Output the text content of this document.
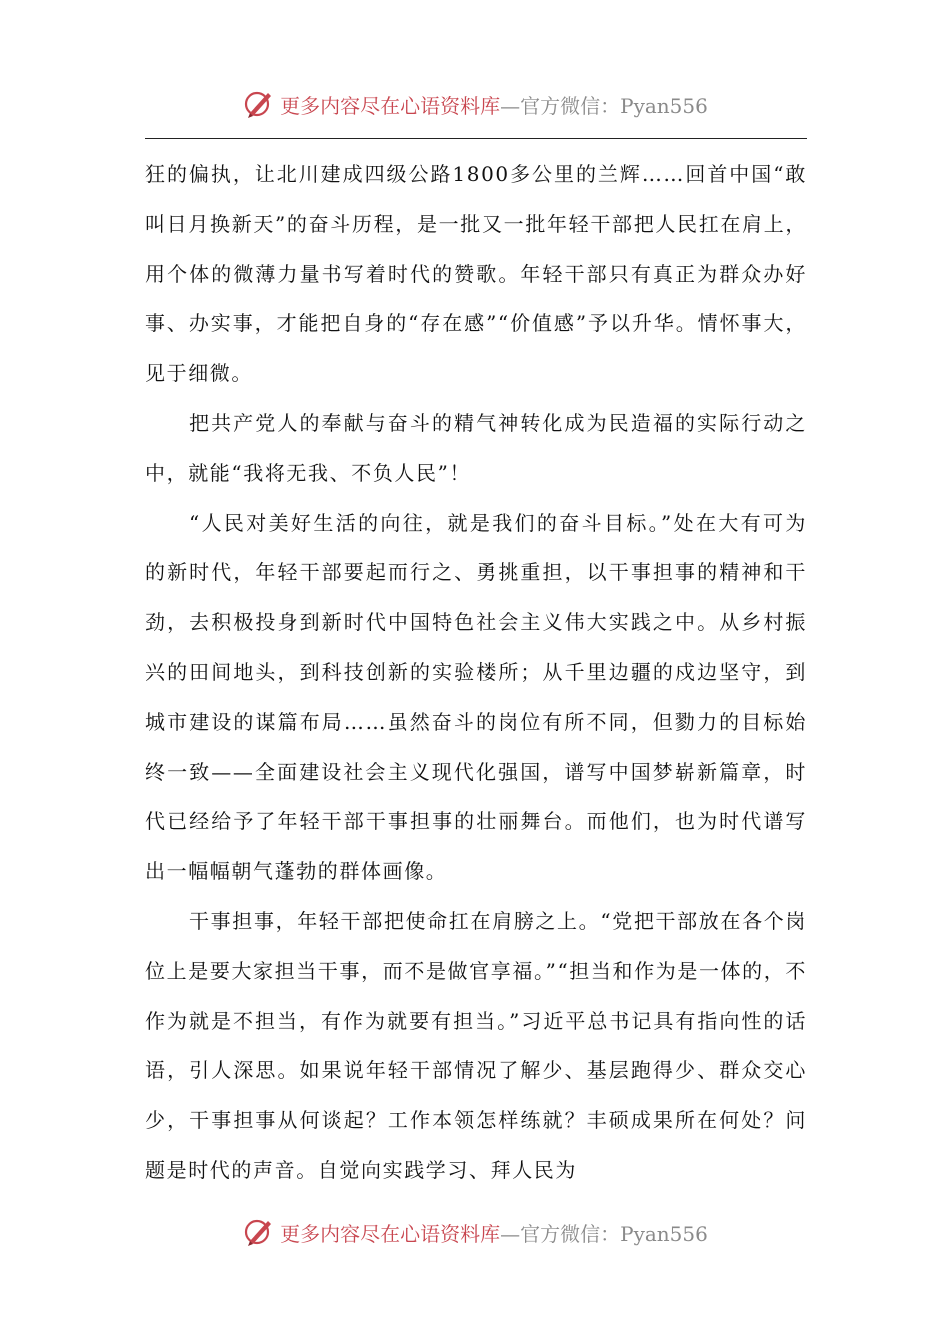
更多内容尽在心语资料库—官方微信：Pyan556

狂的偏执，让北川建成四级公路1800多公里的兰辉……回首中国“敢叫日月换新天”的奋斗历程，是一批又一批年轻干部把人民扛在肩上，用个体的微薄力量书写着时代的赞歌。年轻干部只有真正为群众办好事、办实事，才能把自身的“存在感”“价值感”予以升华。情怀事大，见于细微。

把共产党人的奉献与奋斗的精气神转化成为民造福的实际行动之中，就能“我将无我、不负人民”！

“人民对美好生活的向往，就是我们的奋斗目标。”处在大有可为的新时代，年轻干部要起而行之、勇挑重担，以干事担事的精神和干劲，去积极投身到新时代中国特色社会主义伟大实践之中。从乡村振兴的田间地头，到科技创新的实验楼所；从千里边疆的戍边坚守，到城市建设的谋篇布局……虽然奋斗的岗位有所不同，但勠力的目标始终一致——全面建设社会主义现代化强国，谱写中国梦崭新篇章，时代已经给予了年轻干部干事担事的壮丽舞台。而他们，也为时代谱写出一幅幅朝气蓬勃的群体画像。

干事担事，年轻干部把使命扛在肩膀之上。“党把干部放在各个岗位上是要大家担当干事，而不是做官享福。”“担当和作为是一体的，不作为就是不担当，有作为就要有担当。”习近平总书记具有指向性的话语，引人深思。如果说年轻干部情况了解少、基层跑得少、群众交心少，干事担事从何谈起？工作本领怎样练就？丰硕成果所在何处？问题是时代的声音。自觉向实践学习、拜人民为

更多内容尽在心语资料库—官方微信：Pyan556
